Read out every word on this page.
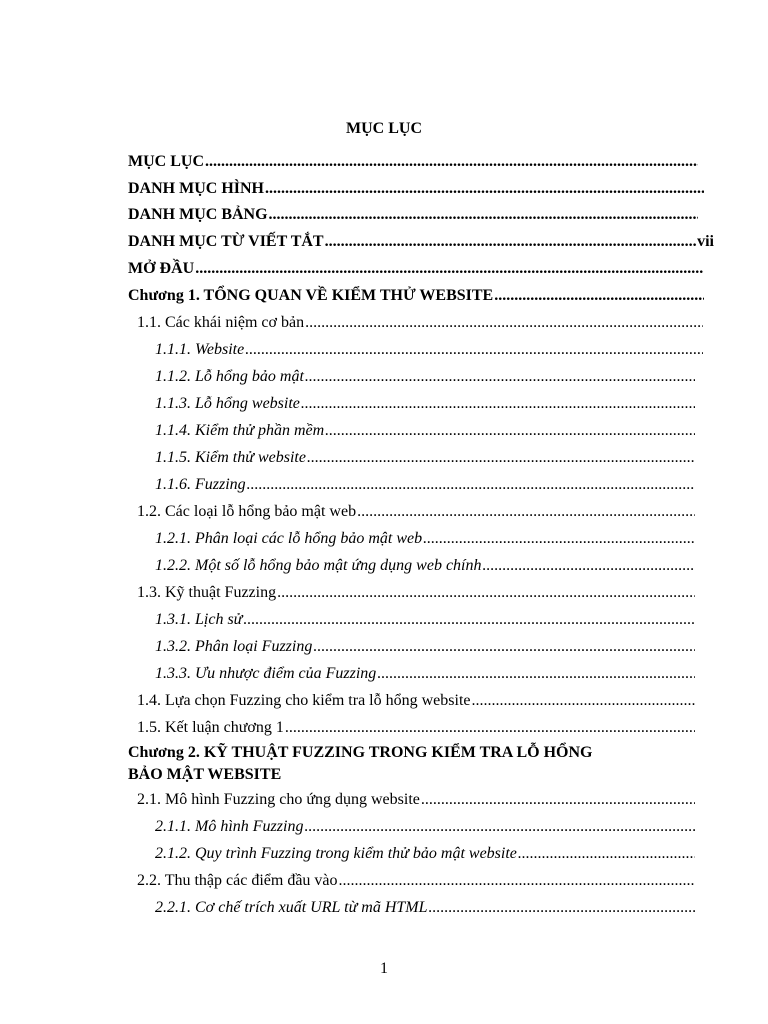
MỤC LỤC
MỤC LỤC
.....
DANH MỤC HÌNH
.....
DANH MỤC BẢNG
.....
DANH MỤC TỪ VIẾT TẮT
.....	vii
MỞ ĐẦU
.....
Chương 1. TỔNG QUAN VỀ KIỂM THỬ WEBSITE
.....
1.1. Các khái niệm cơ bản
.....
1.1.1. Website
.....
1.1.2. Lỗ hổng bảo mật
.....
1.1.3. Lỗ hổng website
.....
1.1.4. Kiểm thử phần mềm
.....
1.1.5. Kiểm thử website
.....
1.1.6. Fuzzing
.....
1.2. Các loại lỗ hổng bảo mật web
.....
1.2.1. Phân loại các lỗ hổng bảo mật web
.....
1.2.2. Một số lỗ hổng bảo mật ứng dụng web chính
.....
1.3. Kỹ thuật Fuzzing
.....
1.3.1. Lịch sử
.....
1.3.2. Phân loại Fuzzing
.....
1.3.3. Ưu nhược điểm của Fuzzing
.....
1.4. Lựa chọn Fuzzing cho kiểm tra lỗ hổng website
.....
1.5. Kết luận chương 1
.....
Chương 2. KỸ THUẬT FUZZING TRONG KIỂM TRA LỖ HỔNG
BẢO MẬT WEBSITE
2.1. Mô hình Fuzzing cho ứng dụng website
.....
2.1.1. Mô hình Fuzzing
.....
2.1.2. Quy trình Fuzzing trong kiểm thử bảo mật website
.....
2.2. Thu thập các điểm đầu vào
.....
2.2.1. Cơ chế trích xuất URL từ mã HTML
.....
1
